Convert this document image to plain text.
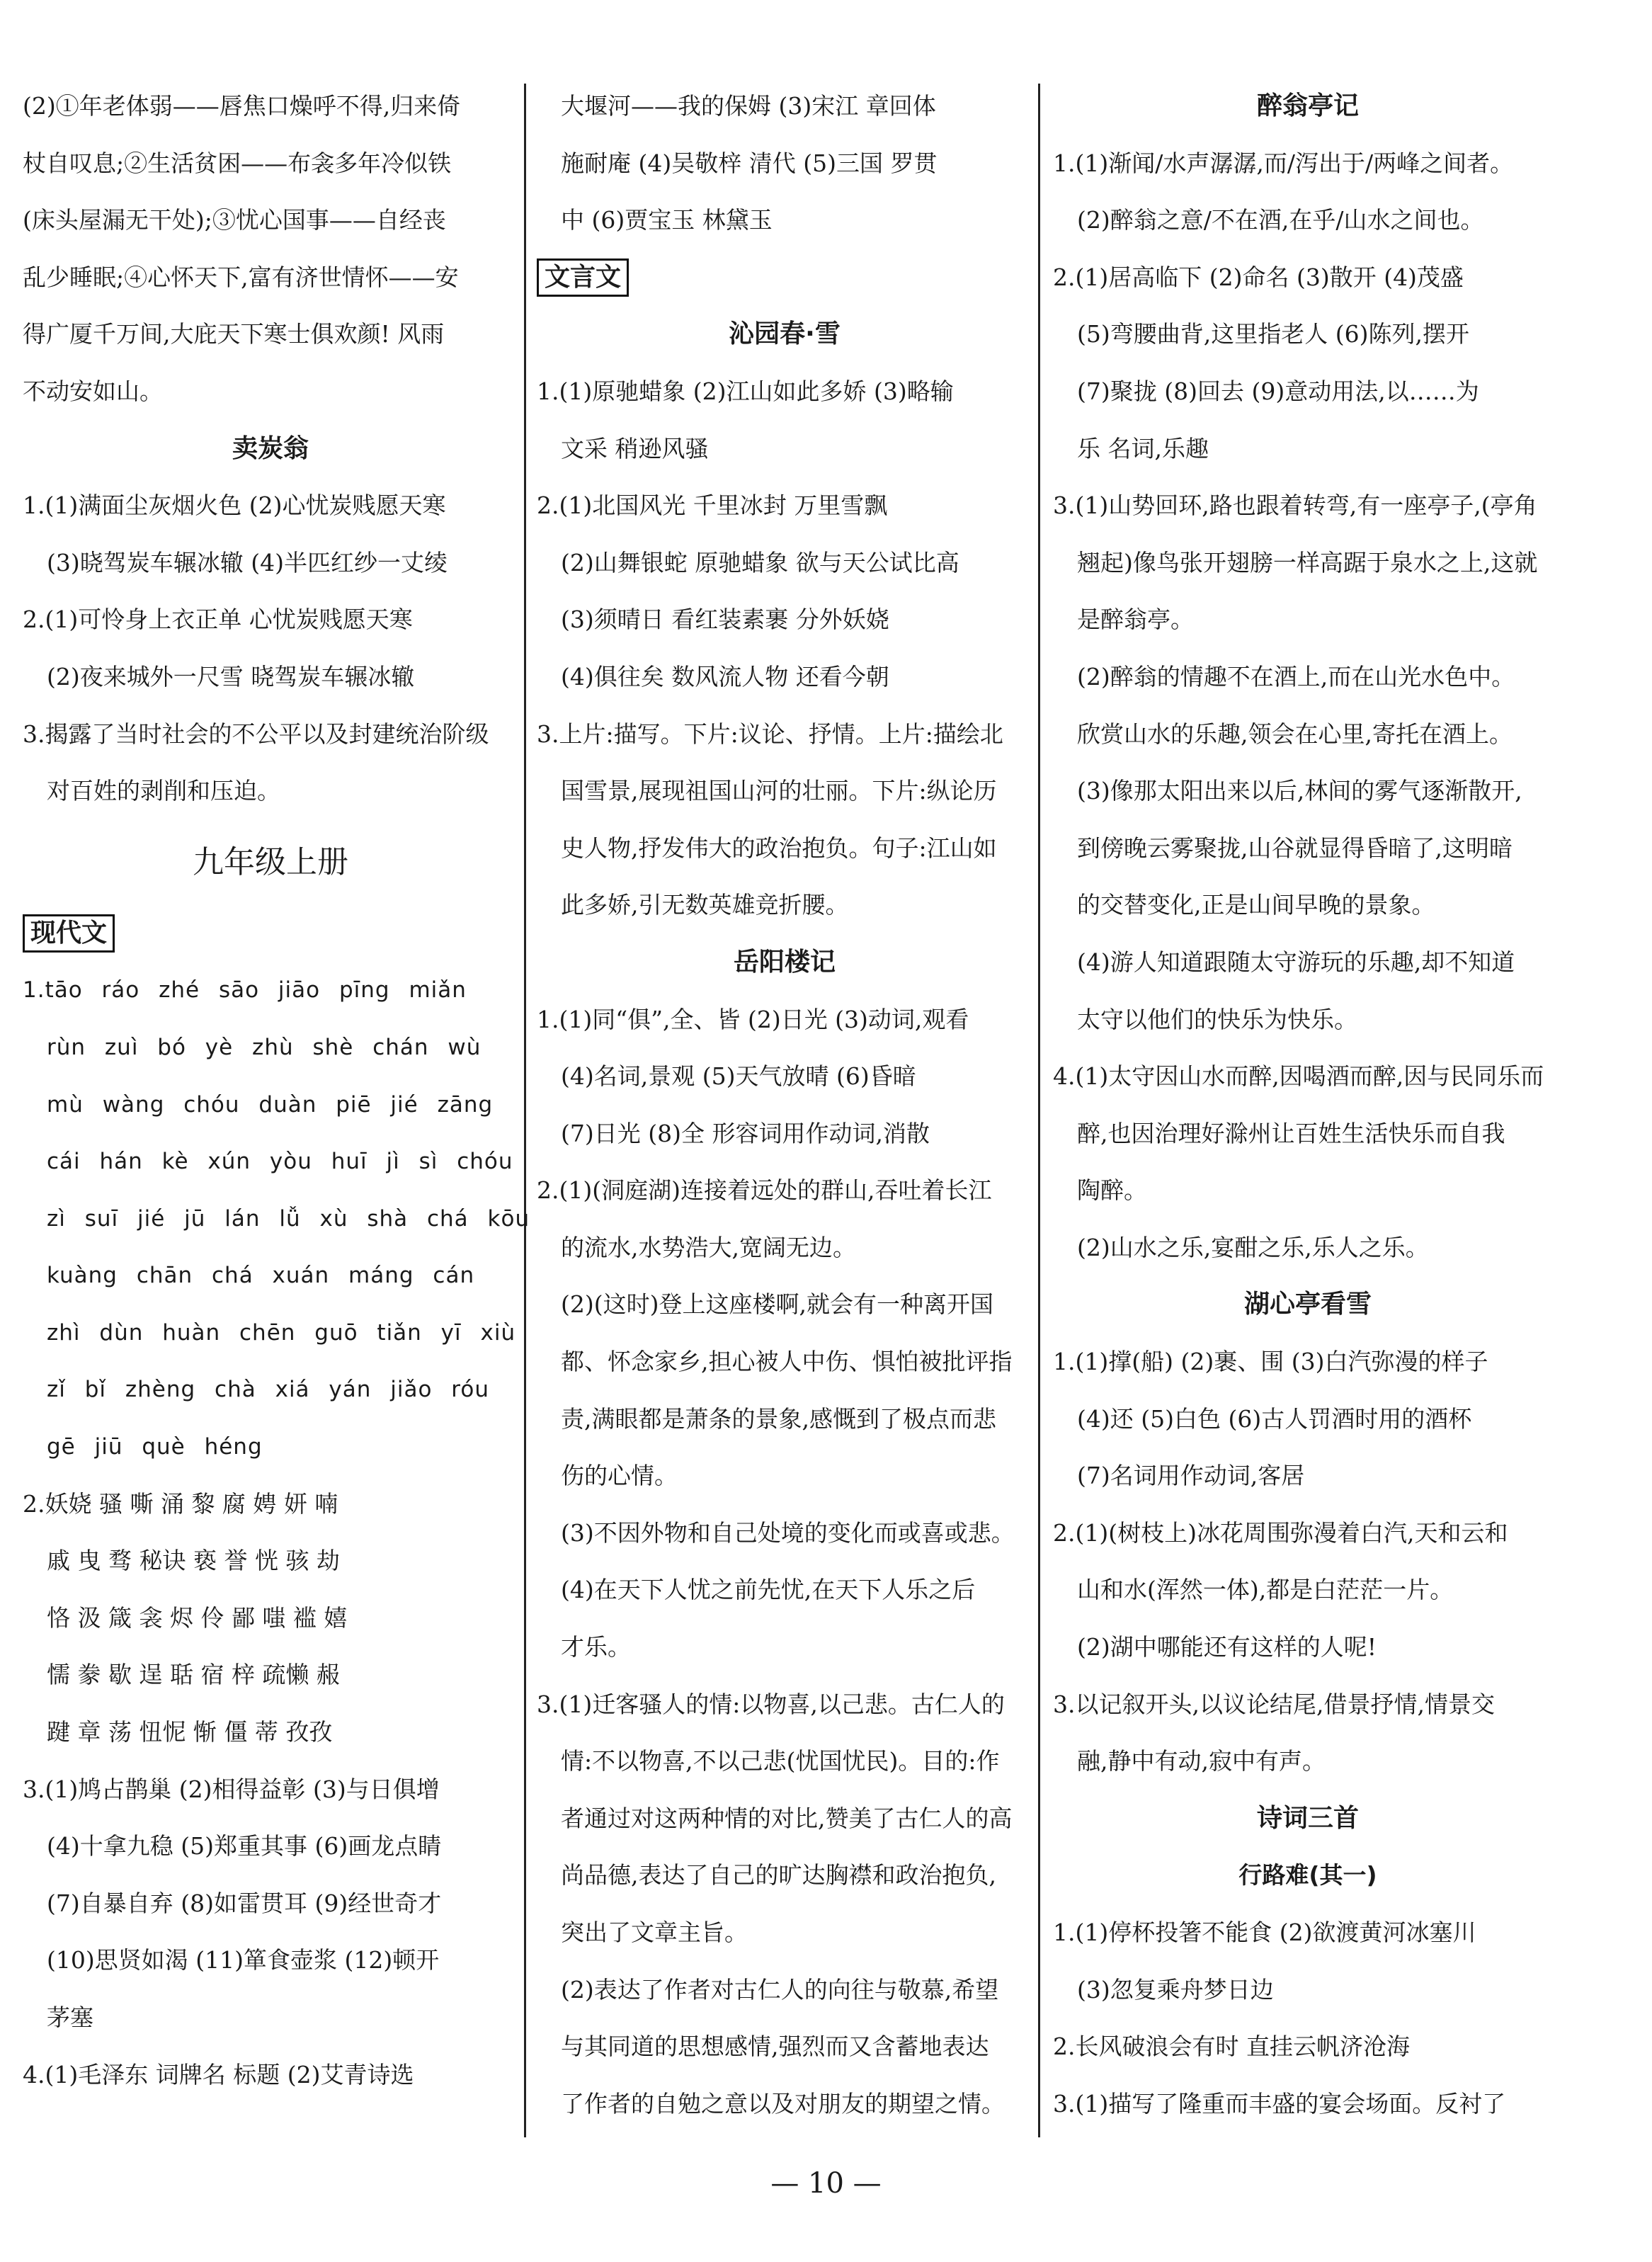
(2)①年老体弱——唇焦口燥呼不得,归来倚
杖自叹息;②生活贫困——布衾多年冷似铁
(床头屋漏无干处);③忧心国事——自经丧
乱少睡眠;④心怀天下,富有济世情怀——安
得广厦千万间,大庇天下寒士俱欢颜! 风雨
不动安如山。
卖炭翁
1.(1)满面尘灰烟火色 (2)心忧炭贱愿天寒
(3)晓驾炭车辗冰辙 (4)半匹红纱一丈绫
2.(1)可怜身上衣正单 心忧炭贱愿天寒
(2)夜来城外一尺雪 晓驾炭车辗冰辙
3.揭露了当时社会的不公平以及封建统治阶级
对百姓的剥削和压迫。
九年级上册
现代文
1.tāo ráo zhé sāo jiāo pīng miǎn
rùn zuì bó yè zhù shè chán wù
mù wàng chóu duàn piē jié zāng
cái hán kè xún yòu huī jì sì chóu
zì suī jié jū lán lǚ xù shà chá kōu
kuàng chān chá xuán máng cán
zhì dùn huàn chēn guō tiǎn yī xiù
zǐ bǐ zhèng chà xiá yán jiǎo róu
gē jiū què héng
2.妖娆 骚 嘶 涌 黎 腐 娉 妍 喃
戚 曳 骛 秘诀 亵 誉 恍 骇 劫
恪 汲 箴 衾 烬 伶 鄙 嗤 褴 嬉
懦 豢 歇 逞 聒 宿 梓 疏懒 赧
踺 章 荡 忸怩 惭 僵 蒂 孜孜
3.(1)鸠占鹊巢 (2)相得益彰 (3)与日俱增
(4)十拿九稳 (5)郑重其事 (6)画龙点睛
(7)自暴自弃 (8)如雷贯耳 (9)经世奇才
(10)思贤如渴 (11)箪食壶浆 (12)顿开
茅塞
4.(1)毛泽东 词牌名 标题 (2)艾青诗选
大堰河——我的保姆 (3)宋江 章回体
施耐庵 (4)吴敬梓 清代 (5)三国 罗贯
中 (6)贾宝玉 林黛玉
文言文
沁园春·雪
1.(1)原驰蜡象 (2)江山如此多娇 (3)略输
文采 稍逊风骚
2.(1)北国风光 千里冰封 万里雪飘
(2)山舞银蛇 原驰蜡象 欲与天公试比高
(3)须晴日 看红装素裹 分外妖娆
(4)俱往矣 数风流人物 还看今朝
3.上片:描写。下片:议论、抒情。上片:描绘北
国雪景,展现祖国山河的壮丽。下片:纵论历
史人物,抒发伟大的政治抱负。句子:江山如
此多娇,引无数英雄竞折腰。
岳阳楼记
1.(1)同“俱”,全、皆 (2)日光 (3)动词,观看
(4)名词,景观 (5)天气放晴 (6)昏暗
(7)日光 (8)全 形容词用作动词,消散
2.(1)(洞庭湖)连接着远处的群山,吞吐着长江
的流水,水势浩大,宽阔无边。
(2)(这时)登上这座楼啊,就会有一种离开国
都、怀念家乡,担心被人中伤、惧怕被批评指
责,满眼都是萧条的景象,感慨到了极点而悲
伤的心情。
(3)不因外物和自己处境的变化而或喜或悲。
(4)在天下人忧之前先忧,在天下人乐之后
才乐。
3.(1)迁客骚人的情:以物喜,以己悲。古仁人的
情:不以物喜,不以己悲(忧国忧民)。目的:作
者通过对这两种情的对比,赞美了古仁人的高
尚品德,表达了自己的旷达胸襟和政治抱负,
突出了文章主旨。
(2)表达了作者对古仁人的向往与敬慕,希望
与其同道的思想感情,强烈而又含蓄地表达
了作者的自勉之意以及对朋友的期望之情。
醉翁亭记
1.(1)渐闻/水声潺潺,而/泻出于/两峰之间者。
(2)醉翁之意/不在酒,在乎/山水之间也。
2.(1)居高临下 (2)命名 (3)散开 (4)茂盛
(5)弯腰曲背,这里指老人 (6)陈列,摆开
(7)聚拢 (8)回去 (9)意动用法,以……为
乐 名词,乐趣
3.(1)山势回环,路也跟着转弯,有一座亭子,(亭角
翘起)像鸟张开翅膀一样高踞于泉水之上,这就
是醉翁亭。
(2)醉翁的情趣不在酒上,而在山光水色中。
欣赏山水的乐趣,领会在心里,寄托在酒上。
(3)像那太阳出来以后,林间的雾气逐渐散开,
到傍晚云雾聚拢,山谷就显得昏暗了,这明暗
的交替变化,正是山间早晚的景象。
(4)游人知道跟随太守游玩的乐趣,却不知道
太守以他们的快乐为快乐。
4.(1)太守因山水而醉,因喝酒而醉,因与民同乐而
醉,也因治理好滁州让百姓生活快乐而自我
陶醉。
(2)山水之乐,宴酣之乐,乐人之乐。
湖心亭看雪
1.(1)撑(船) (2)裹、围 (3)白汽弥漫的样子
(4)还 (5)白色 (6)古人罚酒时用的酒杯
(7)名词用作动词,客居
2.(1)(树枝上)冰花周围弥漫着白汽,天和云和
山和水(浑然一体),都是白茫茫一片。
(2)湖中哪能还有这样的人呢!
3.以记叙开头,以议论结尾,借景抒情,情景交
融,静中有动,寂中有声。
诗词三首
行路难(其一)
1.(1)停杯投箸不能食 (2)欲渡黄河冰塞川
(3)忽复乘舟梦日边
2.长风破浪会有时 直挂云帆济沧海
3.(1)描写了隆重而丰盛的宴会场面。反衬了
— 10 —
